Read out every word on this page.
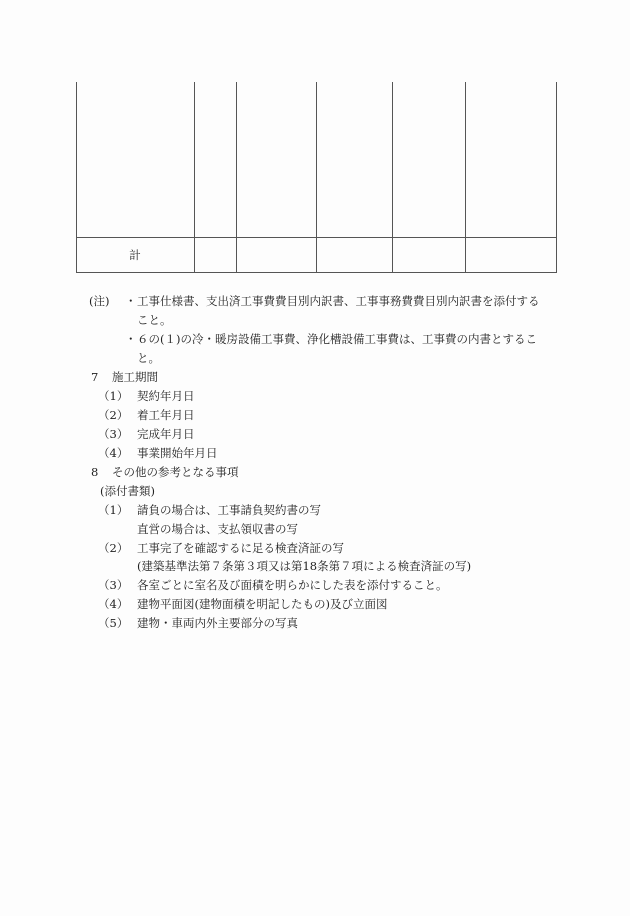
計
(注) ・ 工事仕様書、支出済工事費費目別内訳書、工事事務費費目別内訳書を添付する
こと。
・ ６の(１)の冷・暖房設備工事費、浄化槽設備工事費は、工事費の内書とするこ
と。
7 施工期間
（1） 契約年月日
（2） 着工年月日
（3） 完成年月日
（4） 事業開始年月日
8 その他の参考となる事項
(添付書類)
（1） 請負の場合は、工事請負契約書の写
直営の場合は、支払領収書の写
（2） 工事完了を確認するに足る検査済証の写
(建築基準法第７条第３項又は第18条第７項による検査済証の写)
（3） 各室ごとに室名及び面積を明らかにした表を添付すること。
（4） 建物平面図(建物面積を明記したもの)及び立面図
（5） 建物・車両内外主要部分の写真
